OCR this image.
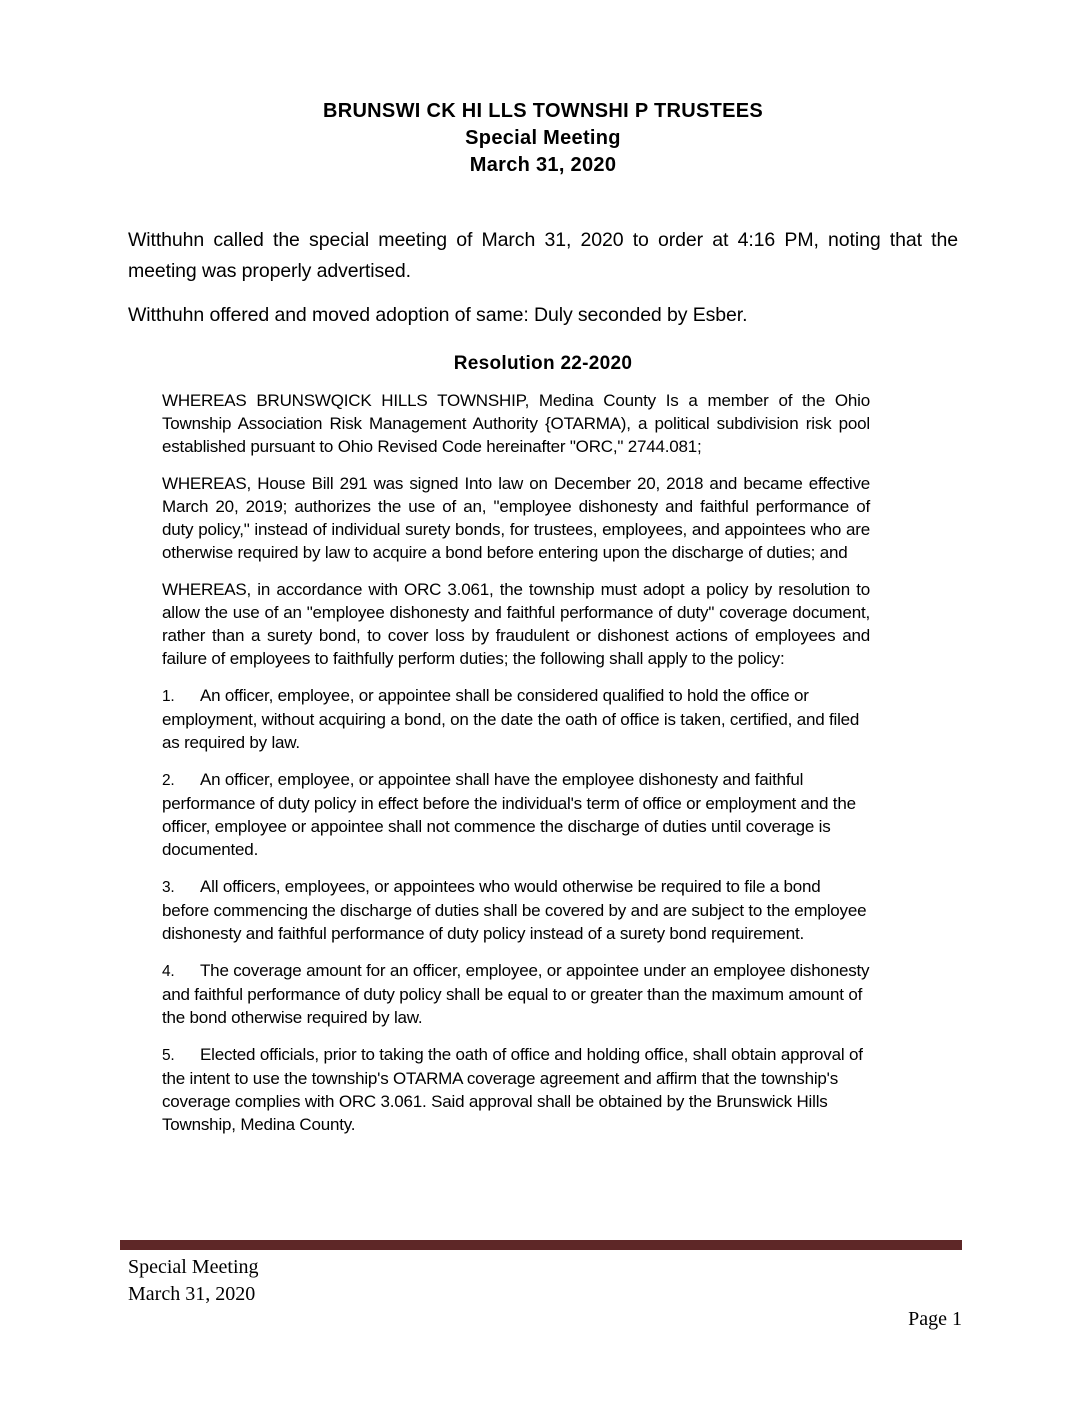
BRUNSWI CK HI LLS TOWNSHI P TRUSTEES
Special Meeting
March 31, 2020

Witthuhn called the special meeting of March 31, 2020 to order at 4:16 PM, noting that the meeting was properly advertised.

Witthuhn offered and moved adoption of same: Duly seconded by Esber.

Resolution 22-2020

WHEREAS BRUNSWQICK HILLS TOWNSHIP, Medina County Is a member of the Ohio Township Association Risk Management Authority {OTARMA), a political subdivision risk pool established pursuant to Ohio Revised Code hereinafter "ORC," 2744.081;

WHEREAS, House Bill 291 was signed Into law on December 20, 2018 and became effective March 20, 2019; authorizes the use of an, "employee dishonesty and faithful performance of duty policy," instead of individual surety bonds, for trustees, employees, and appointees who are otherwise required by law to acquire a bond before entering upon the discharge of duties; and

WHEREAS, in accordance with ORC 3.061, the township must adopt a policy by resolution to allow the use of an "employee dishonesty and faithful performance of duty" coverage document, rather than a surety bond, to cover loss by fraudulent or dishonest actions of employees and failure of employees to faithfully perform duties; the following shall apply to the policy:

1. An officer, employee, or appointee shall be considered qualified to hold the office or employment, without acquiring a bond, on the date the oath of office is taken, certified, and filed as required by law.

2. An officer, employee, or appointee shall have the employee dishonesty and faithful performance of duty policy in effect before the individual's term of office or employment and the officer, employee or appointee shall not commence the discharge of duties until coverage is documented.

3. All officers, employees, or appointees who would otherwise be required to file a bond before commencing the discharge of duties shall be covered by and are subject to the employee dishonesty and faithful performance of duty policy instead of a surety bond requirement.

4. The coverage amount for an officer, employee, or appointee under an employee dishonesty and faithful performance of duty policy shall be equal to or greater than the maximum amount of the bond otherwise required by law.

5. Elected officials, prior to taking the oath of office and holding office, shall obtain approval of the intent to use the township's OTARMA coverage agreement and affirm that the township's coverage complies with ORC 3.061. Said approval shall be obtained by the Brunswick Hills Township, Medina County.

Special Meeting
March 31, 2020
Page 1
